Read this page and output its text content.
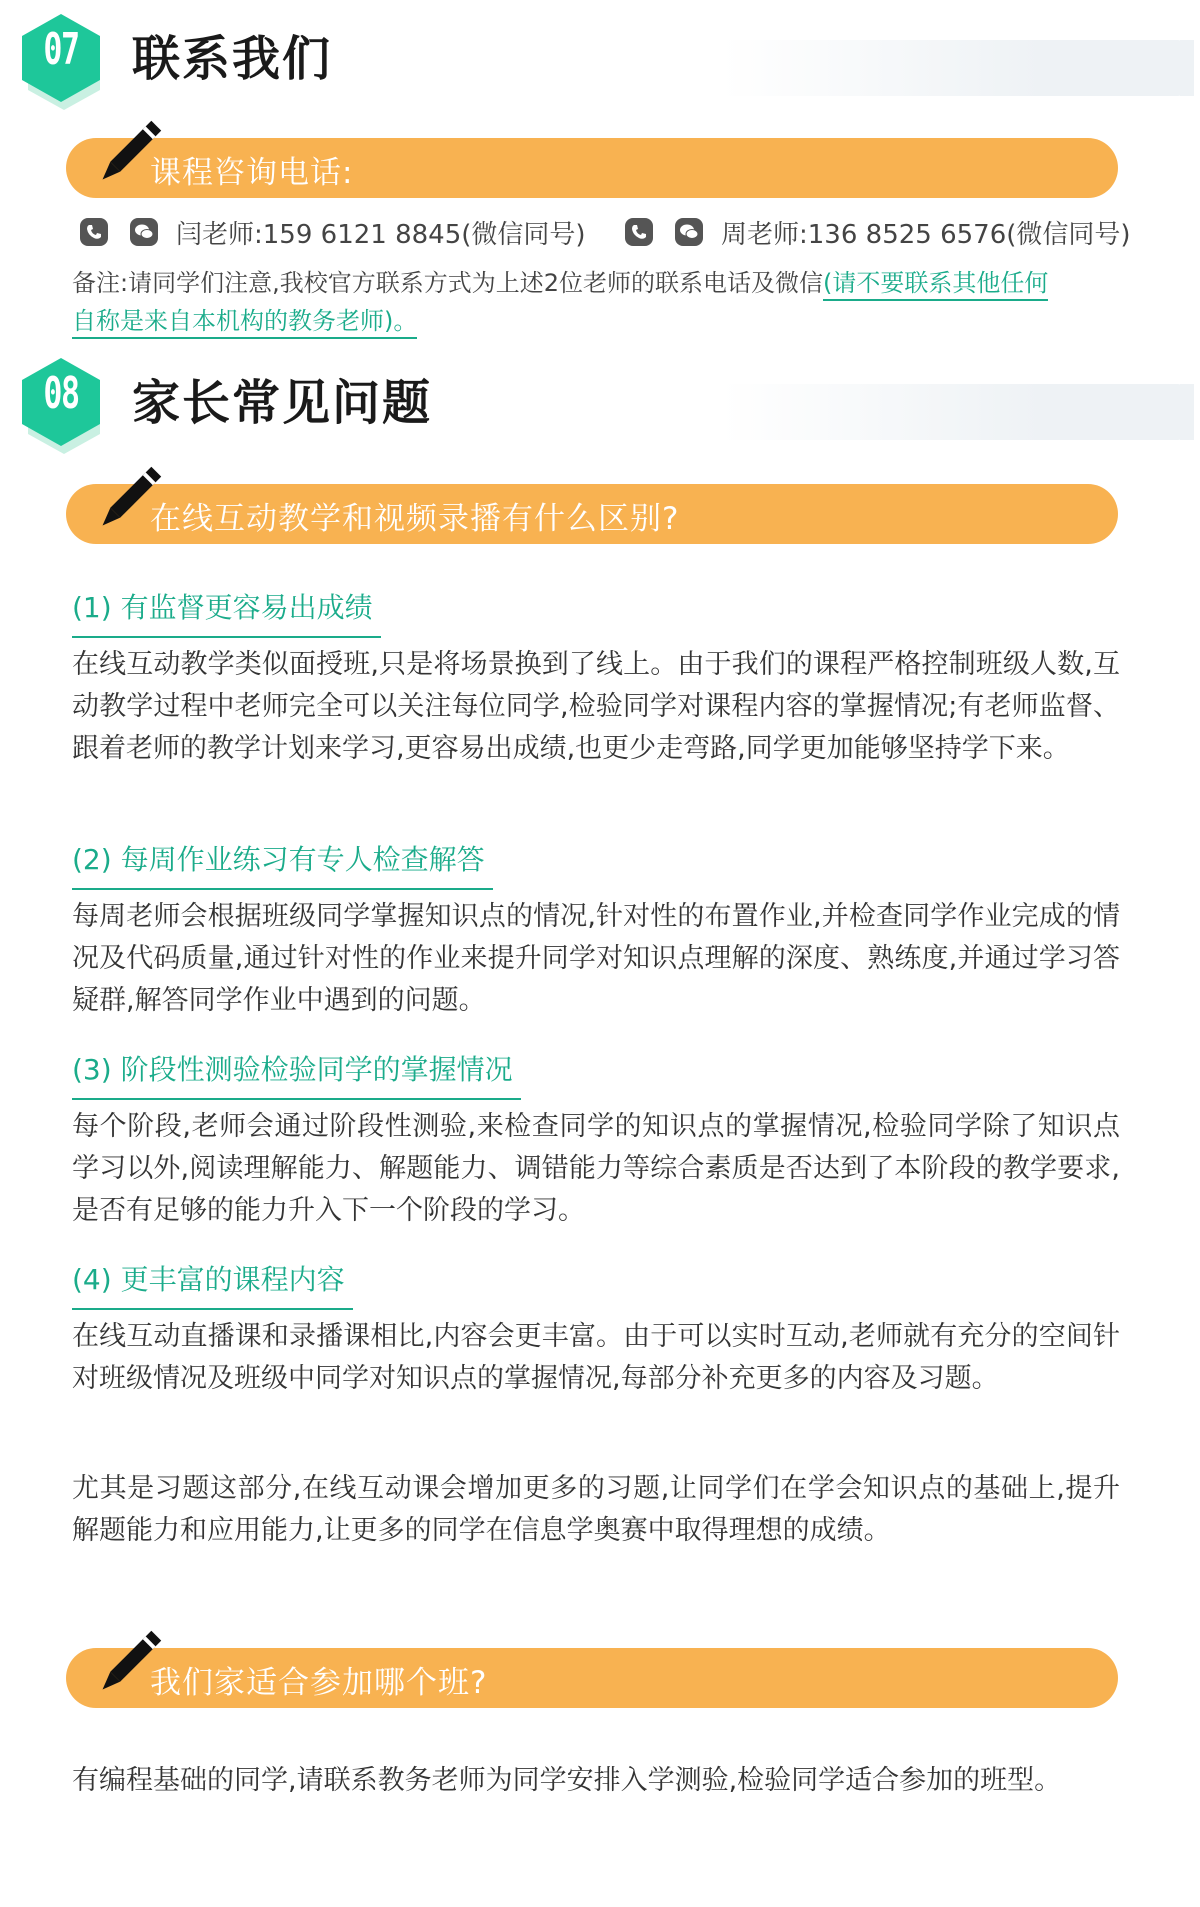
07 联系我们
课程咨询电话:
闫老师:159 6121 8845(微信同号)	周老师:136 8525 6576(微信同号)
备注:请同学们注意,我校官方联系方式为上述2位老师的联系电话及微信(请不要联系其他任何
自称是来自本机构的教务老师)。
08 家长常见问题
在线互动教学和视频录播有什么区别?
(1) 有监督更容易出成绩
在线互动教学类似面授班,只是将场景换到了线上。由于我们的课程严格控制班级人数,互动教学过程中老师完全可以关注每位同学,检验同学对课程内容的掌握情况;有老师监督、跟着老师的教学计划来学习,更容易出成绩,也更少走弯路,同学更加能够坚持学下来。
(2) 每周作业练习有专人检查解答
每周老师会根据班级同学掌握知识点的情况,针对性的布置作业,并检查同学作业完成的情况及代码质量,通过针对性的作业来提升同学对知识点理解的深度、熟练度,并通过学习答疑群,解答同学作业中遇到的问题。
(3) 阶段性测验检验同学的掌握情况
每个阶段,老师会通过阶段性测验,来检查同学的知识点的掌握情况,检验同学除了知识点学习以外,阅读理解能力、解题能力、调错能力等综合素质是否达到了本阶段的教学要求,是否有足够的能力升入下一个阶段的学习。
(4) 更丰富的课程内容
在线互动直播课和录播课相比,内容会更丰富。由于可以实时互动,老师就有充分的空间针对班级情况及班级中同学对知识点的掌握情况,每部分补充更多的内容及习题。
尤其是习题这部分,在线互动课会增加更多的习题,让同学们在学会知识点的基础上,提升解题能力和应用能力,让更多的同学在信息学奥赛中取得理想的成绩。
我们家适合参加哪个班?
有编程基础的同学,请联系教务老师为同学安排入学测验,检验同学适合参加的班型。
